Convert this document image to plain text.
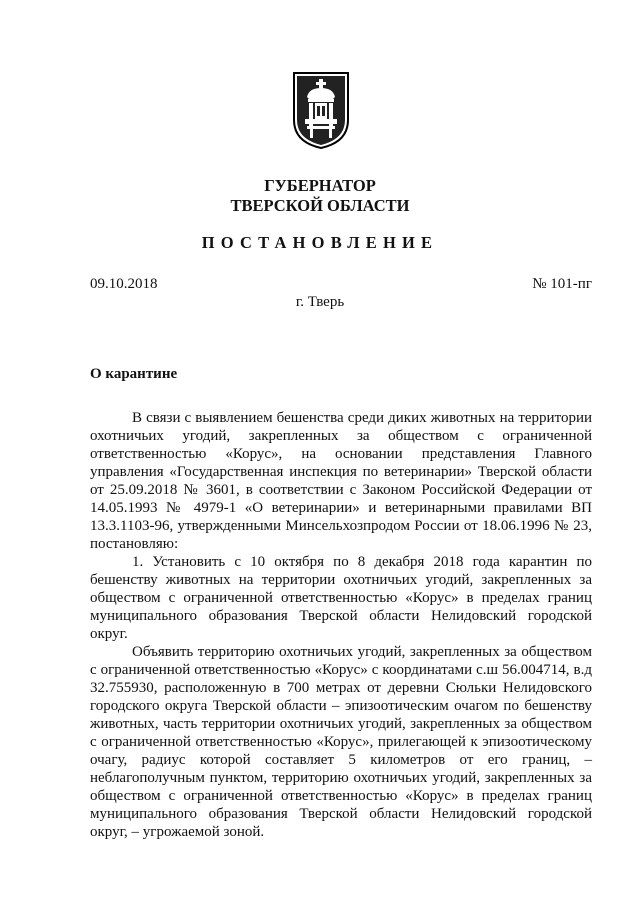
ГУБЕРНАТОР
ТВЕРСКОЙ ОБЛАСТИ
ПОСТАНОВЛЕНИЕ
09.10.2018	№ 101-пг
г. Тверь
О карантине

В связи с выявлением бешенства среди диких животных на территории охотничьих угодий, закрепленных за обществом с ограниченной ответственностью «Корус», на основании представления Главного управления «Государственная инспекция по ветеринарии» Тверской области от 25.09.2018 № 3601, в соответствии с Законом Российской Федерации от 14.05.1993 № 4979-1 «О ветеринарии» и ветеринарными правилами ВП 13.3.1103-96, утвержденными Минсельхозпродом России от 18.06.1996 № 23, постановляю:

1. Установить с 10 октября по 8 декабря 2018 года карантин по бешенству животных на территории охотничьих угодий, закрепленных за обществом с ограниченной ответственностью «Корус» в пределах границ муниципального образования Тверской области Нелидовский городской округ.

Объявить территорию охотничьих угодий, закрепленных за обществом с ограниченной ответственностью «Корус» с координатами с.ш 56.004714, в.д 32.755930, расположенную в 700 метрах от деревни Сюльки Нелидовского городского округа Тверской области – эпизоотическим очагом по бешенству животных, часть территории охотничьих угодий, закрепленных за обществом с ограниченной ответственностью «Корус», прилегающей к эпизоотическому очагу, радиус которой составляет 5 километров от его границ, – неблагополучным пунктом, территорию охотничьих угодий, закрепленных за обществом с ограниченной ответственностью «Корус» в пределах границ муниципального образования Тверской области Нелидовский городской округ, – угрожаемой зоной.
